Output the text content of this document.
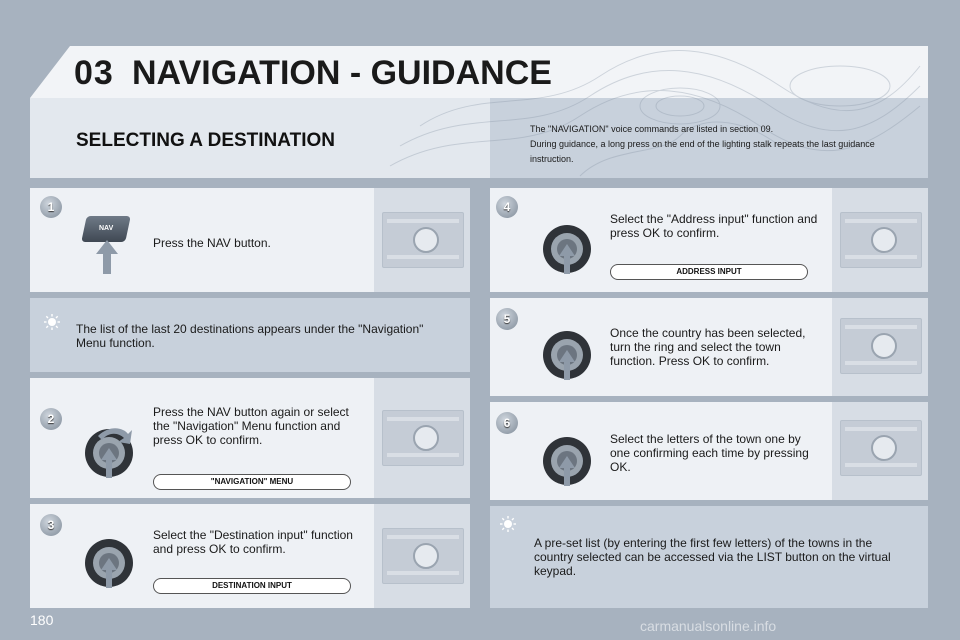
03 NAVIGATION - GUIDANCE
SELECTING A DESTINATION
The "NAVIGATION" voice commands are listed in section 09.
During guidance, a long press on the end of the lighting stalk repeats the last guidance instruction.
1
NAV
Press the NAV button.
The list of the last 20 destinations appears under the "Navigation" Menu function.
2	Press the NAV button again or select the "Navigation" Menu function and press OK to confirm.
"NAVIGATION" MENU
3
Select the "Destination input" function and press OK to confirm.
DESTINATION INPUT
4
Select the "Address input" function and press OK to confirm.
ADDRESS INPUT
5
Once the country has been selected, turn the ring and select the town function. Press OK to confirm.
6
Select the letters of the town one by one confirming each time by pressing OK.
A pre-set list (by entering the first few letters) of the towns in the country selected can be accessed via the LIST button on the virtual keypad.
180	carmanualsonline.info
